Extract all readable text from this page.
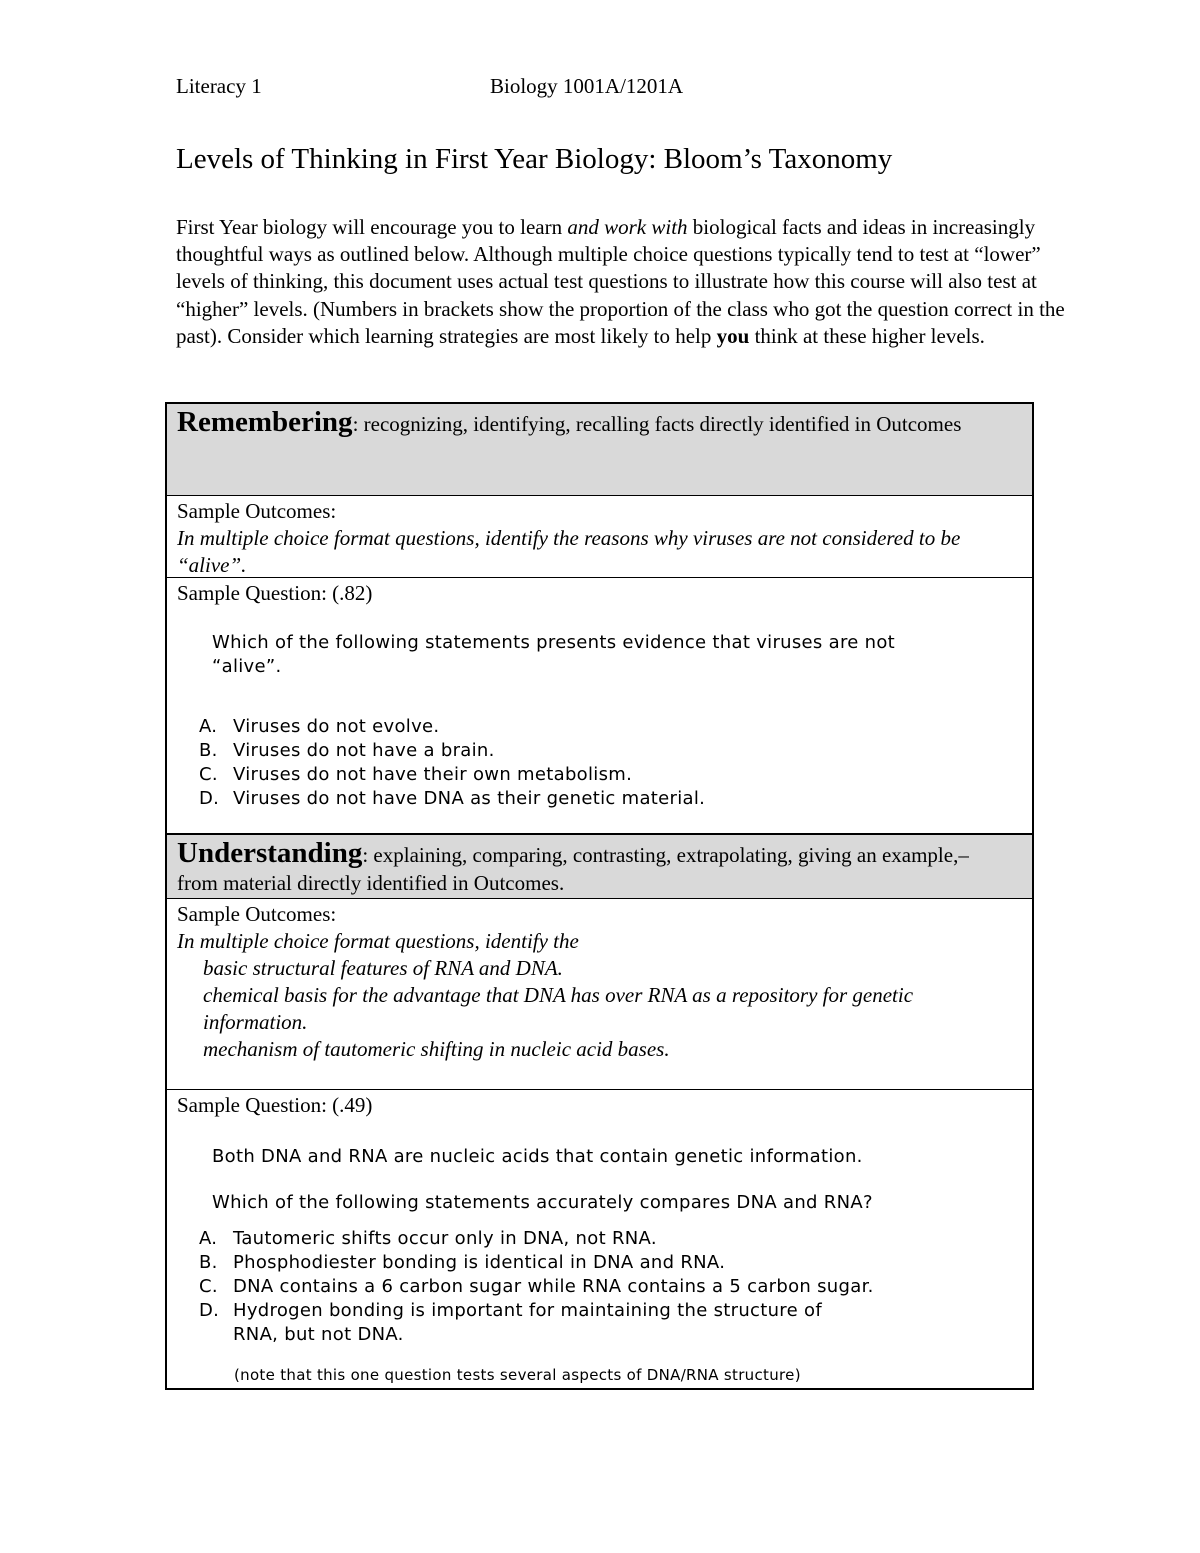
Literacy 1	Biology 1001A/1201A
Levels of Thinking in First Year Biology: Bloom’s Taxonomy

First Year biology will encourage you to learn and work with biological facts and ideas in increasingly thoughtful ways as outlined below. Although multiple choice questions typically tend to test at “lower” levels of thinking, this document uses actual test questions to illustrate how this course will also test at “higher” levels. (Numbers in brackets show the proportion of the class who got the question correct in the past). Consider which learning strategies are most likely to help you think at these higher levels.

Remembering: recognizing, identifying, recalling facts directly identified in Outcomes
Sample Outcomes:
In multiple choice format questions, identify the reasons why viruses are not considered to be “alive”.
Sample Question: (.82)
Which of the following statements presents evidence that viruses are not “alive”.
A. Viruses do not evolve.
B. Viruses do not have a brain.
C. Viruses do not have their own metabolism.
D. Viruses do not have DNA as their genetic material.
Understanding: explaining, comparing, contrasting, extrapolating, giving an example,– from material directly identified in Outcomes.
Sample Outcomes:
In multiple choice format questions, identify the
basic structural features of RNA and DNA.
chemical basis for the advantage that DNA has over RNA as a repository for genetic information.
mechanism of tautomeric shifting in nucleic acid bases.
Sample Question: (.49)
Both DNA and RNA are nucleic acids that contain genetic information.
Which of the following statements accurately compares DNA and RNA?
A. Tautomeric shifts occur only in DNA, not RNA.
B. Phosphodiester bonding is identical in DNA and RNA.
C. DNA contains a 6 carbon sugar while RNA contains a 5 carbon sugar.
D. Hydrogen bonding is important for maintaining the structure of RNA, but not DNA.
(note that this one question tests several aspects of DNA/RNA structure)
